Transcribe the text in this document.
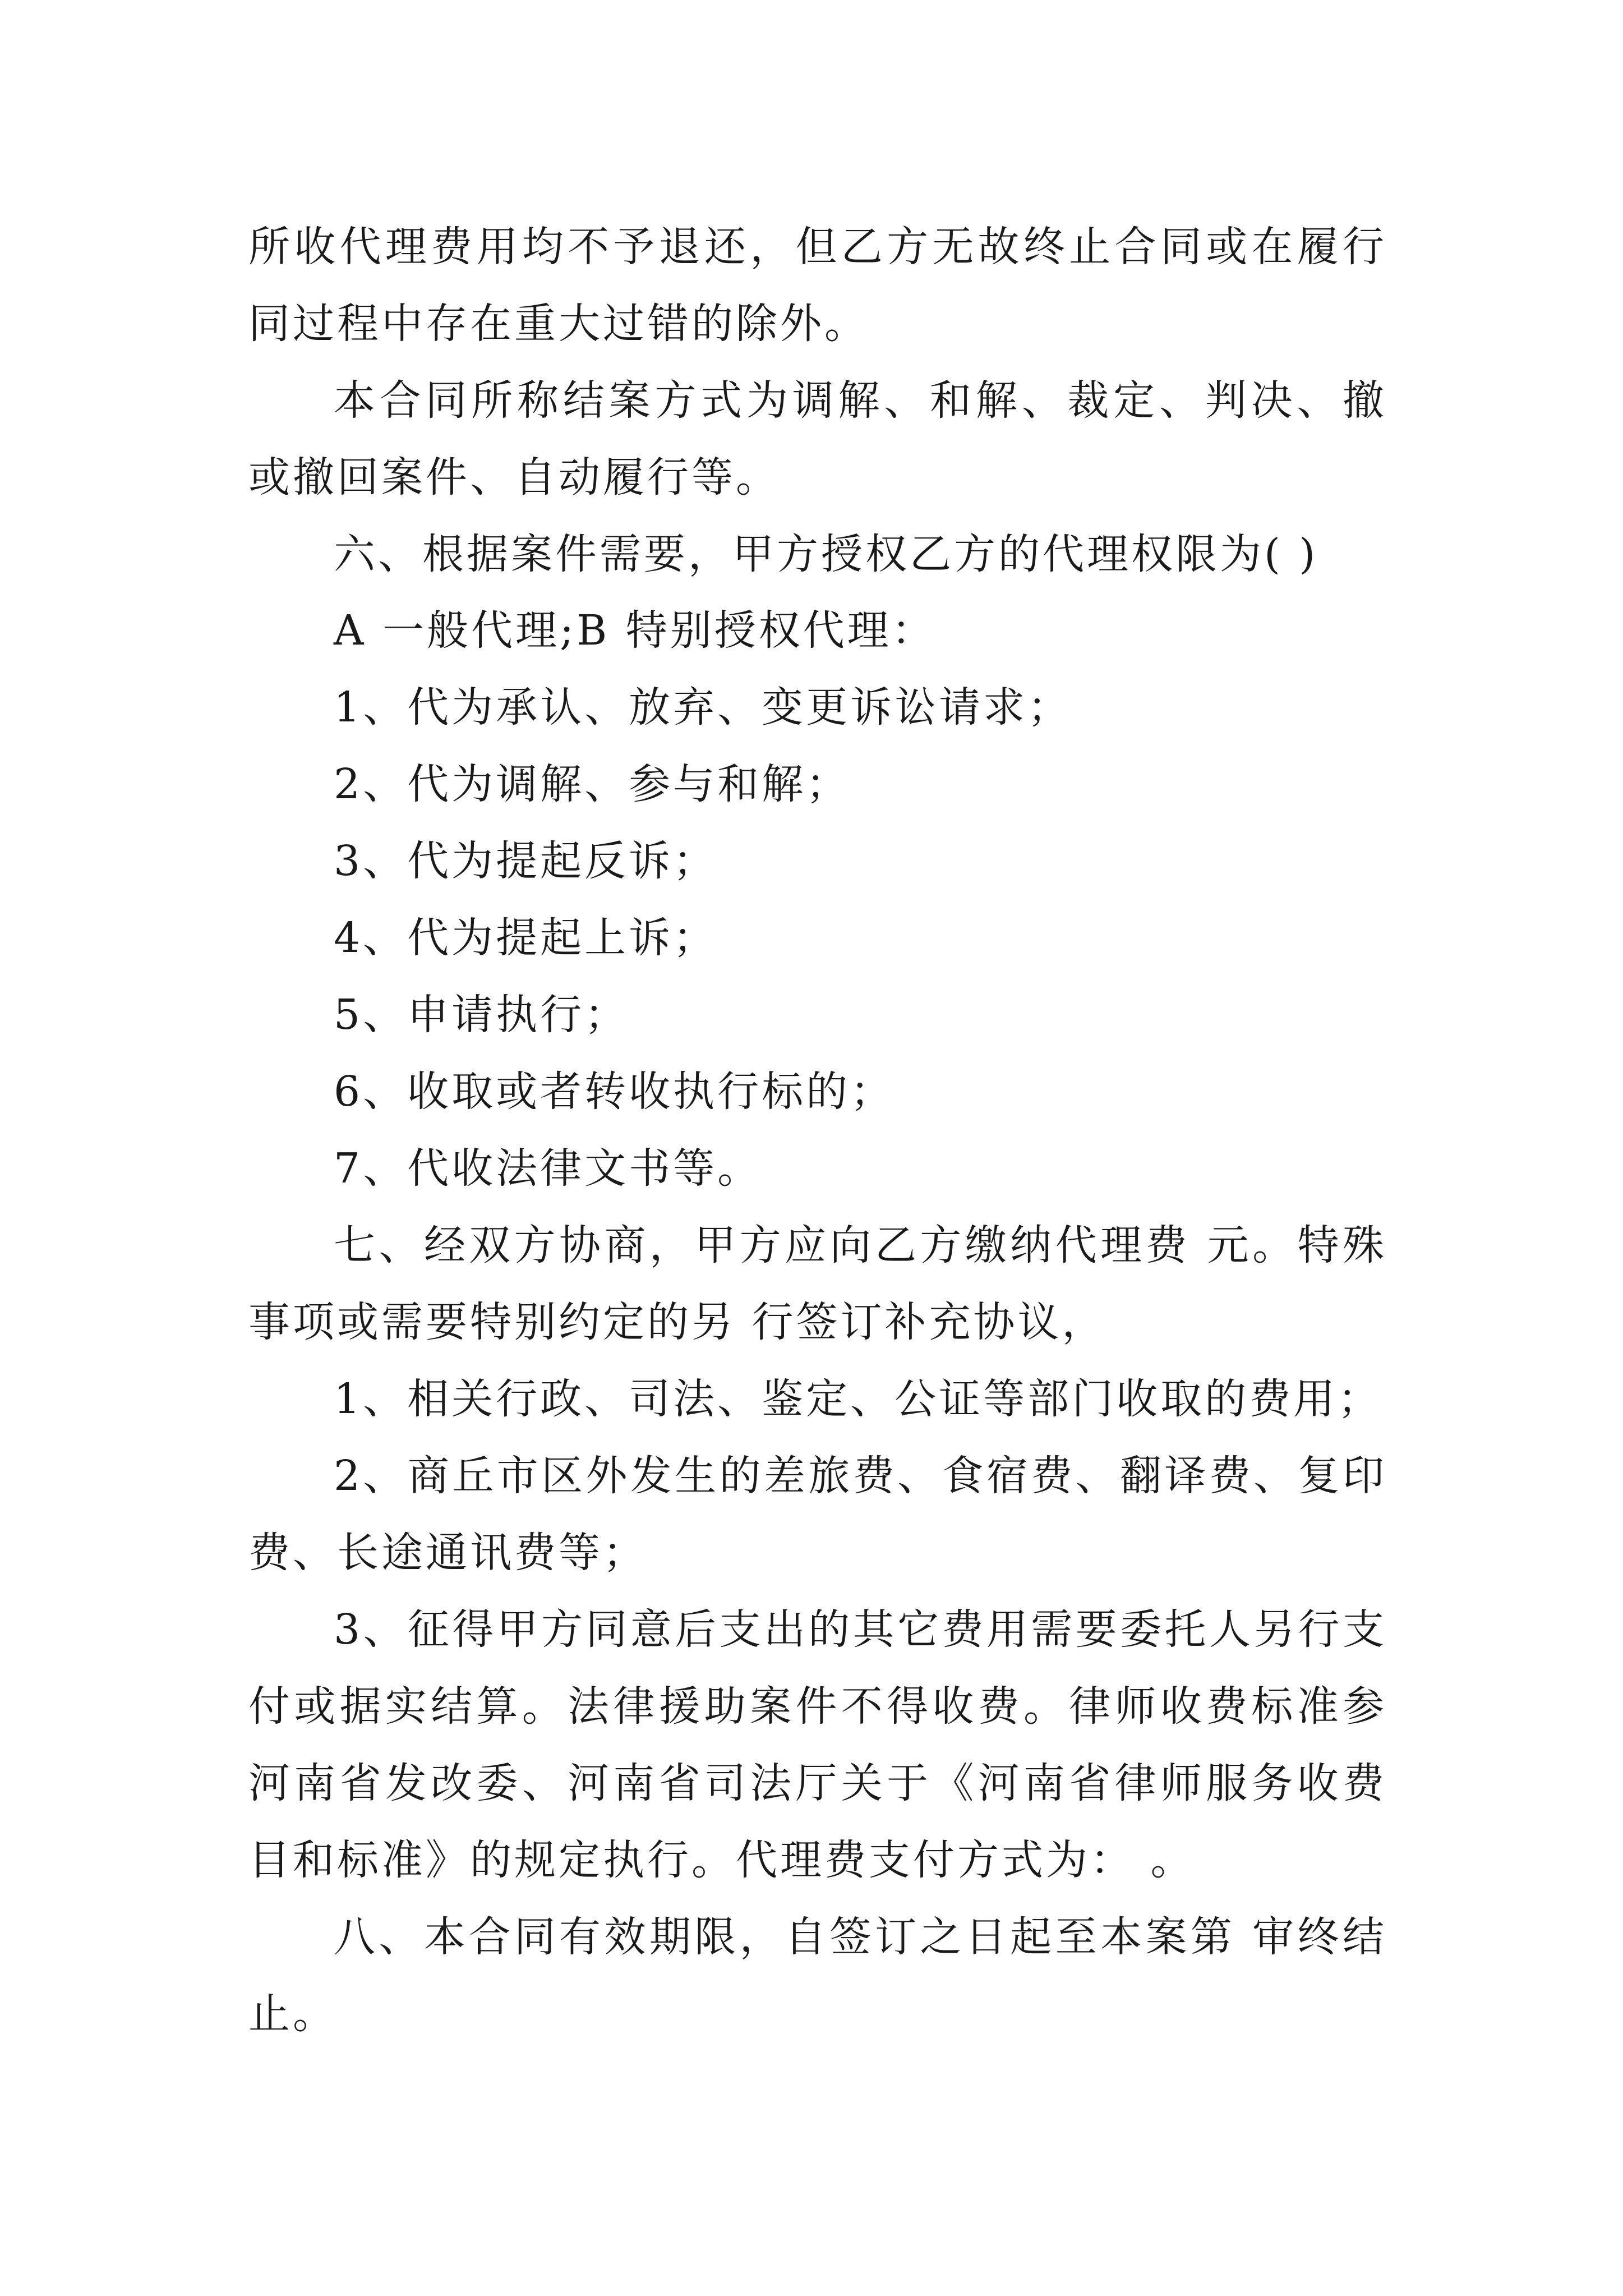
所收代理费用均不予退还，但乙方无故终止合同或在履行

同过程中存在重大过错的除外。

本合同所称结案方式为调解、和解、裁定、判决、撤

或撤回案件、自动履行等。

六、根据案件需要，甲方授权乙方的代理权限为( )

A 一般代理;B 特别授权代理：

1、代为承认、放弃、变更诉讼请求；

2、代为调解、参与和解；

3、代为提起反诉；

4、代为提起上诉；

5、申请执行；

6、收取或者转收执行标的；

7、代收法律文书等。

七、经双方协商，甲方应向乙方缴纳代理费 元。特殊

事项或需要特别约定的另 行签订补充协议，

1、相关行政、司法、鉴定、公证等部门收取的费用；

2、商丘市区外发生的差旅费、食宿费、翻译费、复印

费、长途通讯费等；

3、征得甲方同意后支出的其它费用需要委托人另行支

付或据实结算。法律援助案件不得收费。律师收费标准参

河南省发改委、河南省司法厅关于《河南省律师服务收费

目和标准》的规定执行。代理费支付方式为： 。

八、本合同有效期限，自签订之日起至本案第 审终结

止。
